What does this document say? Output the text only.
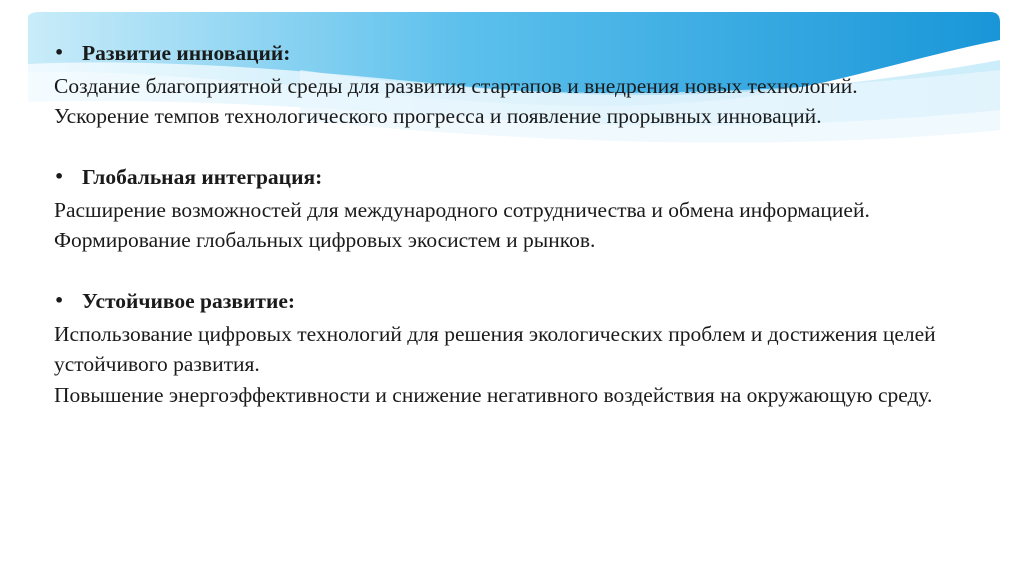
• Развитие инноваций:
Создание благоприятной среды для развития стартапов и внедрения новых технологий.
Ускорение темпов технологического прогресса и появление прорывных инноваций.
• Глобальная интеграция:
Расширение возможностей для международного сотрудничества и обмена информацией.
Формирование глобальных цифровых экосистем и рынков.
• Устойчивое развитие:
Использование цифровых технологий для решения экологических проблем и достижения целей устойчивого развития.
Повышение энергоэффективности и снижение негативного воздействия на окружающую среду.
